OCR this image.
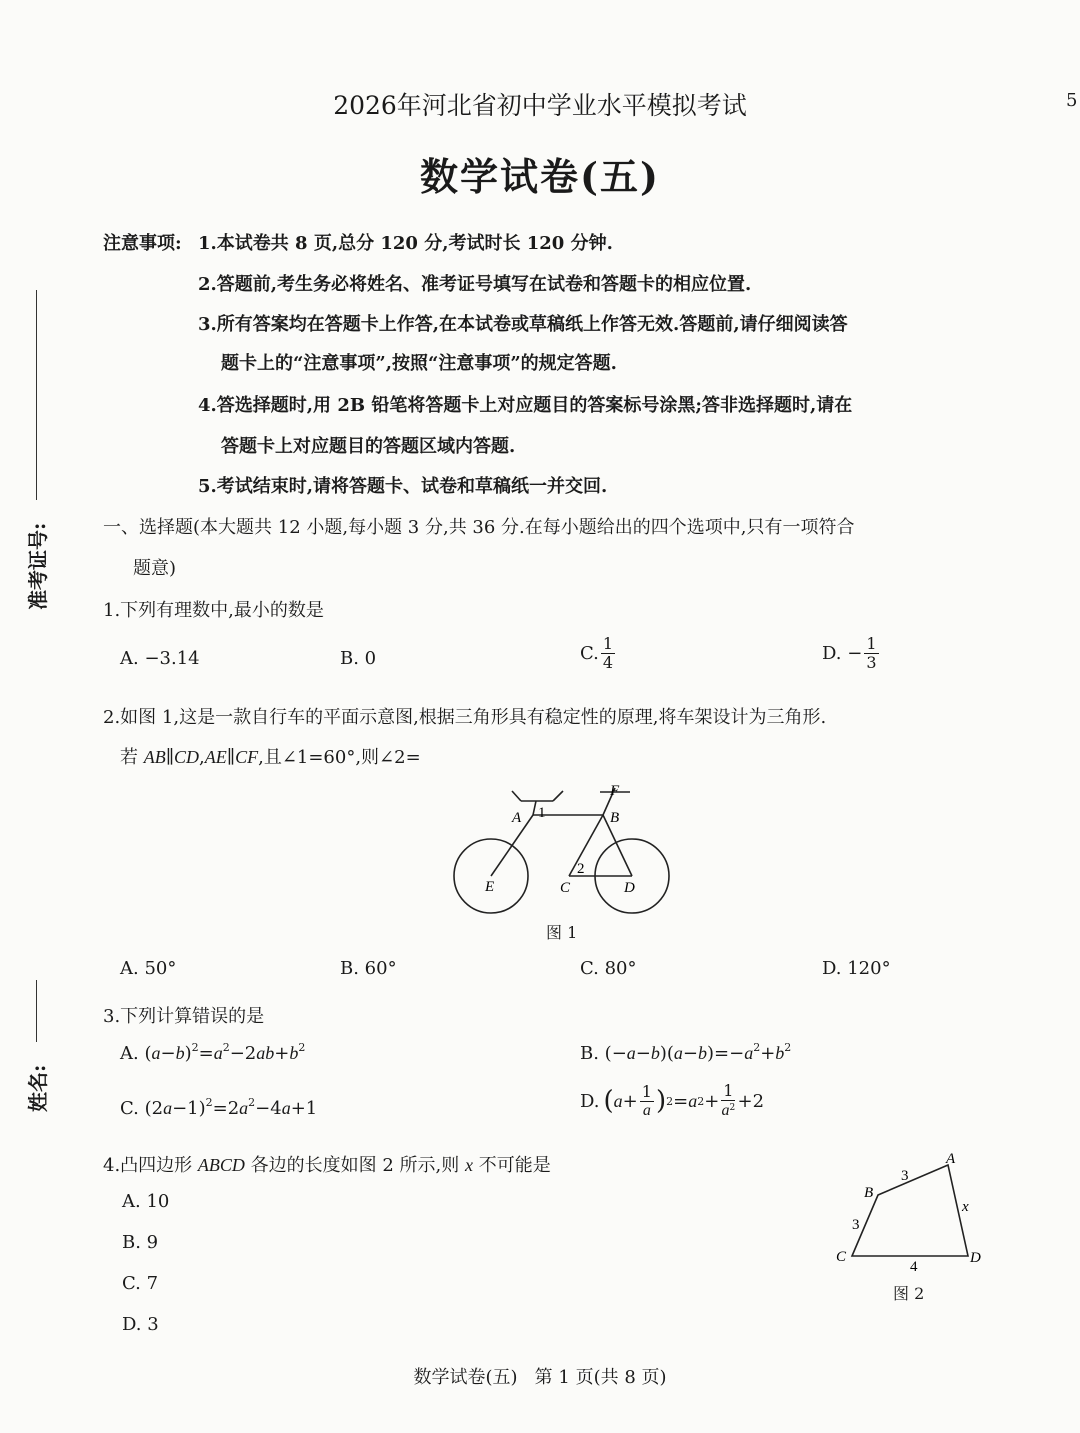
2026年河北省初中学业水平模拟考试	5
数学试卷(五)
准考证号:
姓名:
注意事项: 1.本试卷共 8 页,总分 120 分,考试时长 120 分钟.
2.答题前,考生务必将姓名、准考证号填写在试卷和答题卡的相应位置.
3.所有答案均在答题卡上作答,在本试卷或草稿纸上作答无效.答题前,请仔细阅读答
题卡上的“注意事项”,按照“注意事项”的规定答题.
4.答选择题时,用 2B 铅笔将答题卡上对应题目的答案标号涂黑;答非选择题时,请在
答题卡上对应题目的答题区域内答题.
5.考试结束时,请将答题卡、试卷和草稿纸一并交回.
一、选择题(本大题共 12 小题,每小题 3 分,共 36 分.在每小题给出的四个选项中,只有一项符合
题意)
1.下列有理数中,最小的数是
A. −3.14	B. 0	C. $\frac{1}{4}$	D. − $\frac{1}{3}$
2.如图 1,这是一款自行车的平面示意图,根据三角形具有稳定性的原理,将车架设计为三角形.
若 AB∥CD,AE∥CF,且∠1=60°,则∠2=
A 1	B
F
2
E	C	D
图 1
A. 50°	B. 60°	C. 80°	D. 120°
3.下列计算错误的是
A. $(a-b)^2=a^2-2ab+b^2$	B. $(-a-b)(a-b)=-a^2+b^2$
C. $(2a-1)^2=2a^2-4a+1$	D. ( $a + \frac{1}{a}$ ) 2 = a $2 + \frac{1}{a^2} +2$
4.凸四边形 ABCD 各边的长度如图 2 所示,则 x 不可能是
A. 10
B. 9
C. 7
D. 3
A
B
C	D
3
3
4
x
图 2
数学试卷(五)   第 1 页(共 8 页)
